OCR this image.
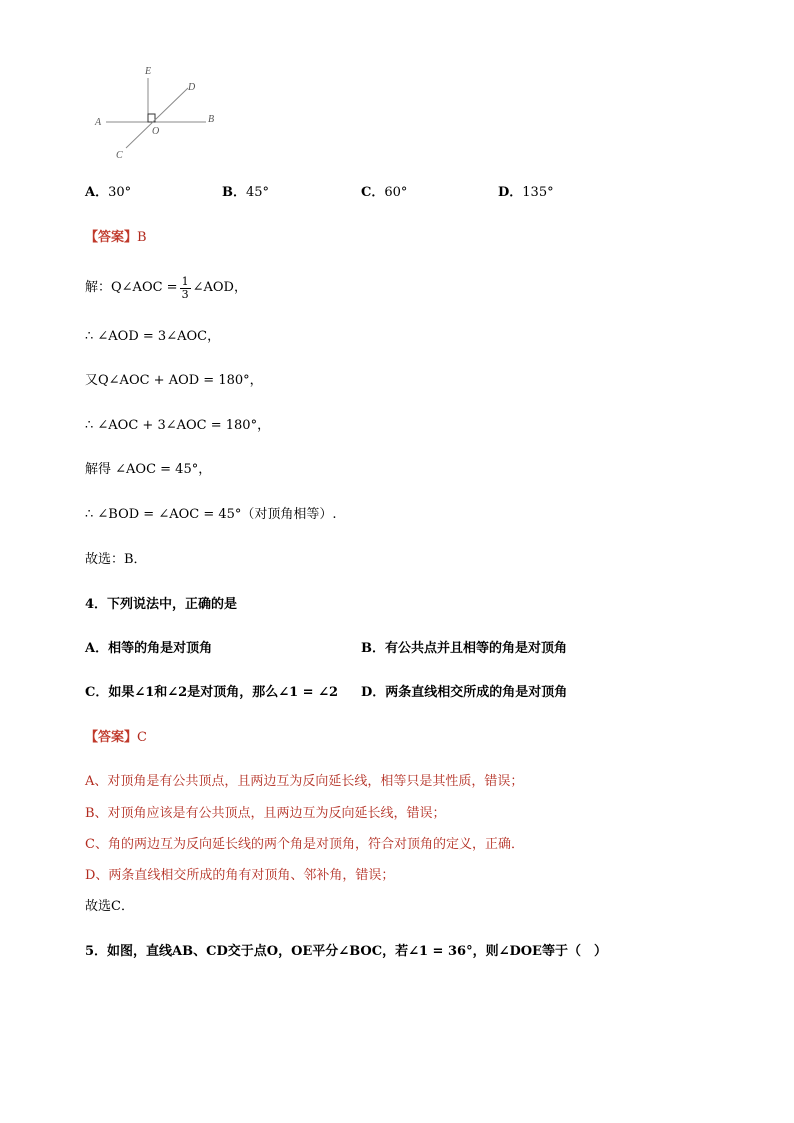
E
D
A
O
B
C
A．30°	B．45°	C．60°	D．135°
【答案】B
解：Q∠AOC = $\frac{1}{3}$ ∠AOD，
∴ ∠AOD = 3∠AOC，
又Q∠AOC + AOD = 180°，
∴ ∠AOC + 3∠AOC = 180°，
解得 ∠AOC = 45°，
∴ ∠BOD = ∠AOC = 45°（对顶角相等）.
故选：B．
4．下列说法中，正确的是
A．相等的角是对顶角	B．有公共点并且相等的角是对顶角
C．如果∠1和∠2是对顶角，那么∠1 = ∠2 D．两条直线相交所成的角是对顶角
【答案】C
A、对顶角是有公共顶点，且两边互为反向延长线，相等只是其性质，错误；
B、对顶角应该是有公共顶点，且两边互为反向延长线，错误；
C、角的两边互为反向延长线的两个角是对顶角，符合对顶角的定义，正确．
D、两条直线相交所成的角有对顶角、邻补角，错误；
故选C．
5．如图，直线AB、CD交于点O，OE平分∠BOC，若∠1 = 36°，则∠DOE等于（　）
